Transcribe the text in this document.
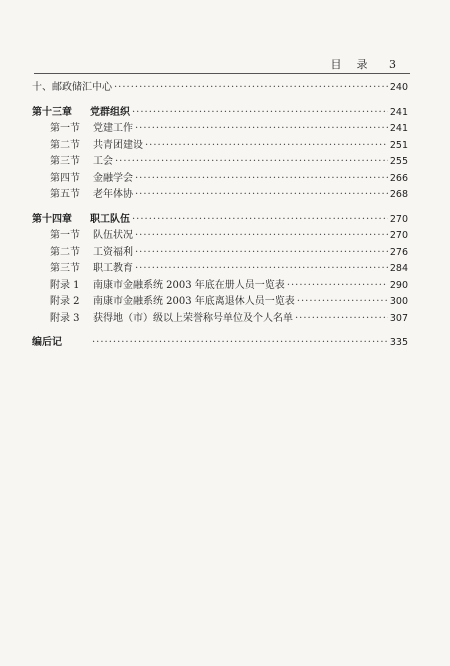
目　录 3
十、邮政储汇中心 ·····	240
第十三章 党群组织 ·····	241
第一节 党建工作 ·····	241
第二节 共青团建设 ·····	251
第三节 工会 ·····	255
第四节 金融学会 ·····	266
第五节 老年体协 ·····	268
第十四章 职工队伍 ·····	270
第一节 队伍状况 ·····	270
第二节 工资福利 ·····	276
第三节 职工教育 ·····	284
附录 1 南康市金融系统 2003 年底在册人员一览表 ·····	290
附录 2 南康市金融系统 2003 年底离退休人员一览表 ·····	300
附录 3 获得地（市）级以上荣誉称号单位及个人名单 ·····	307
编后记 ·····	335
